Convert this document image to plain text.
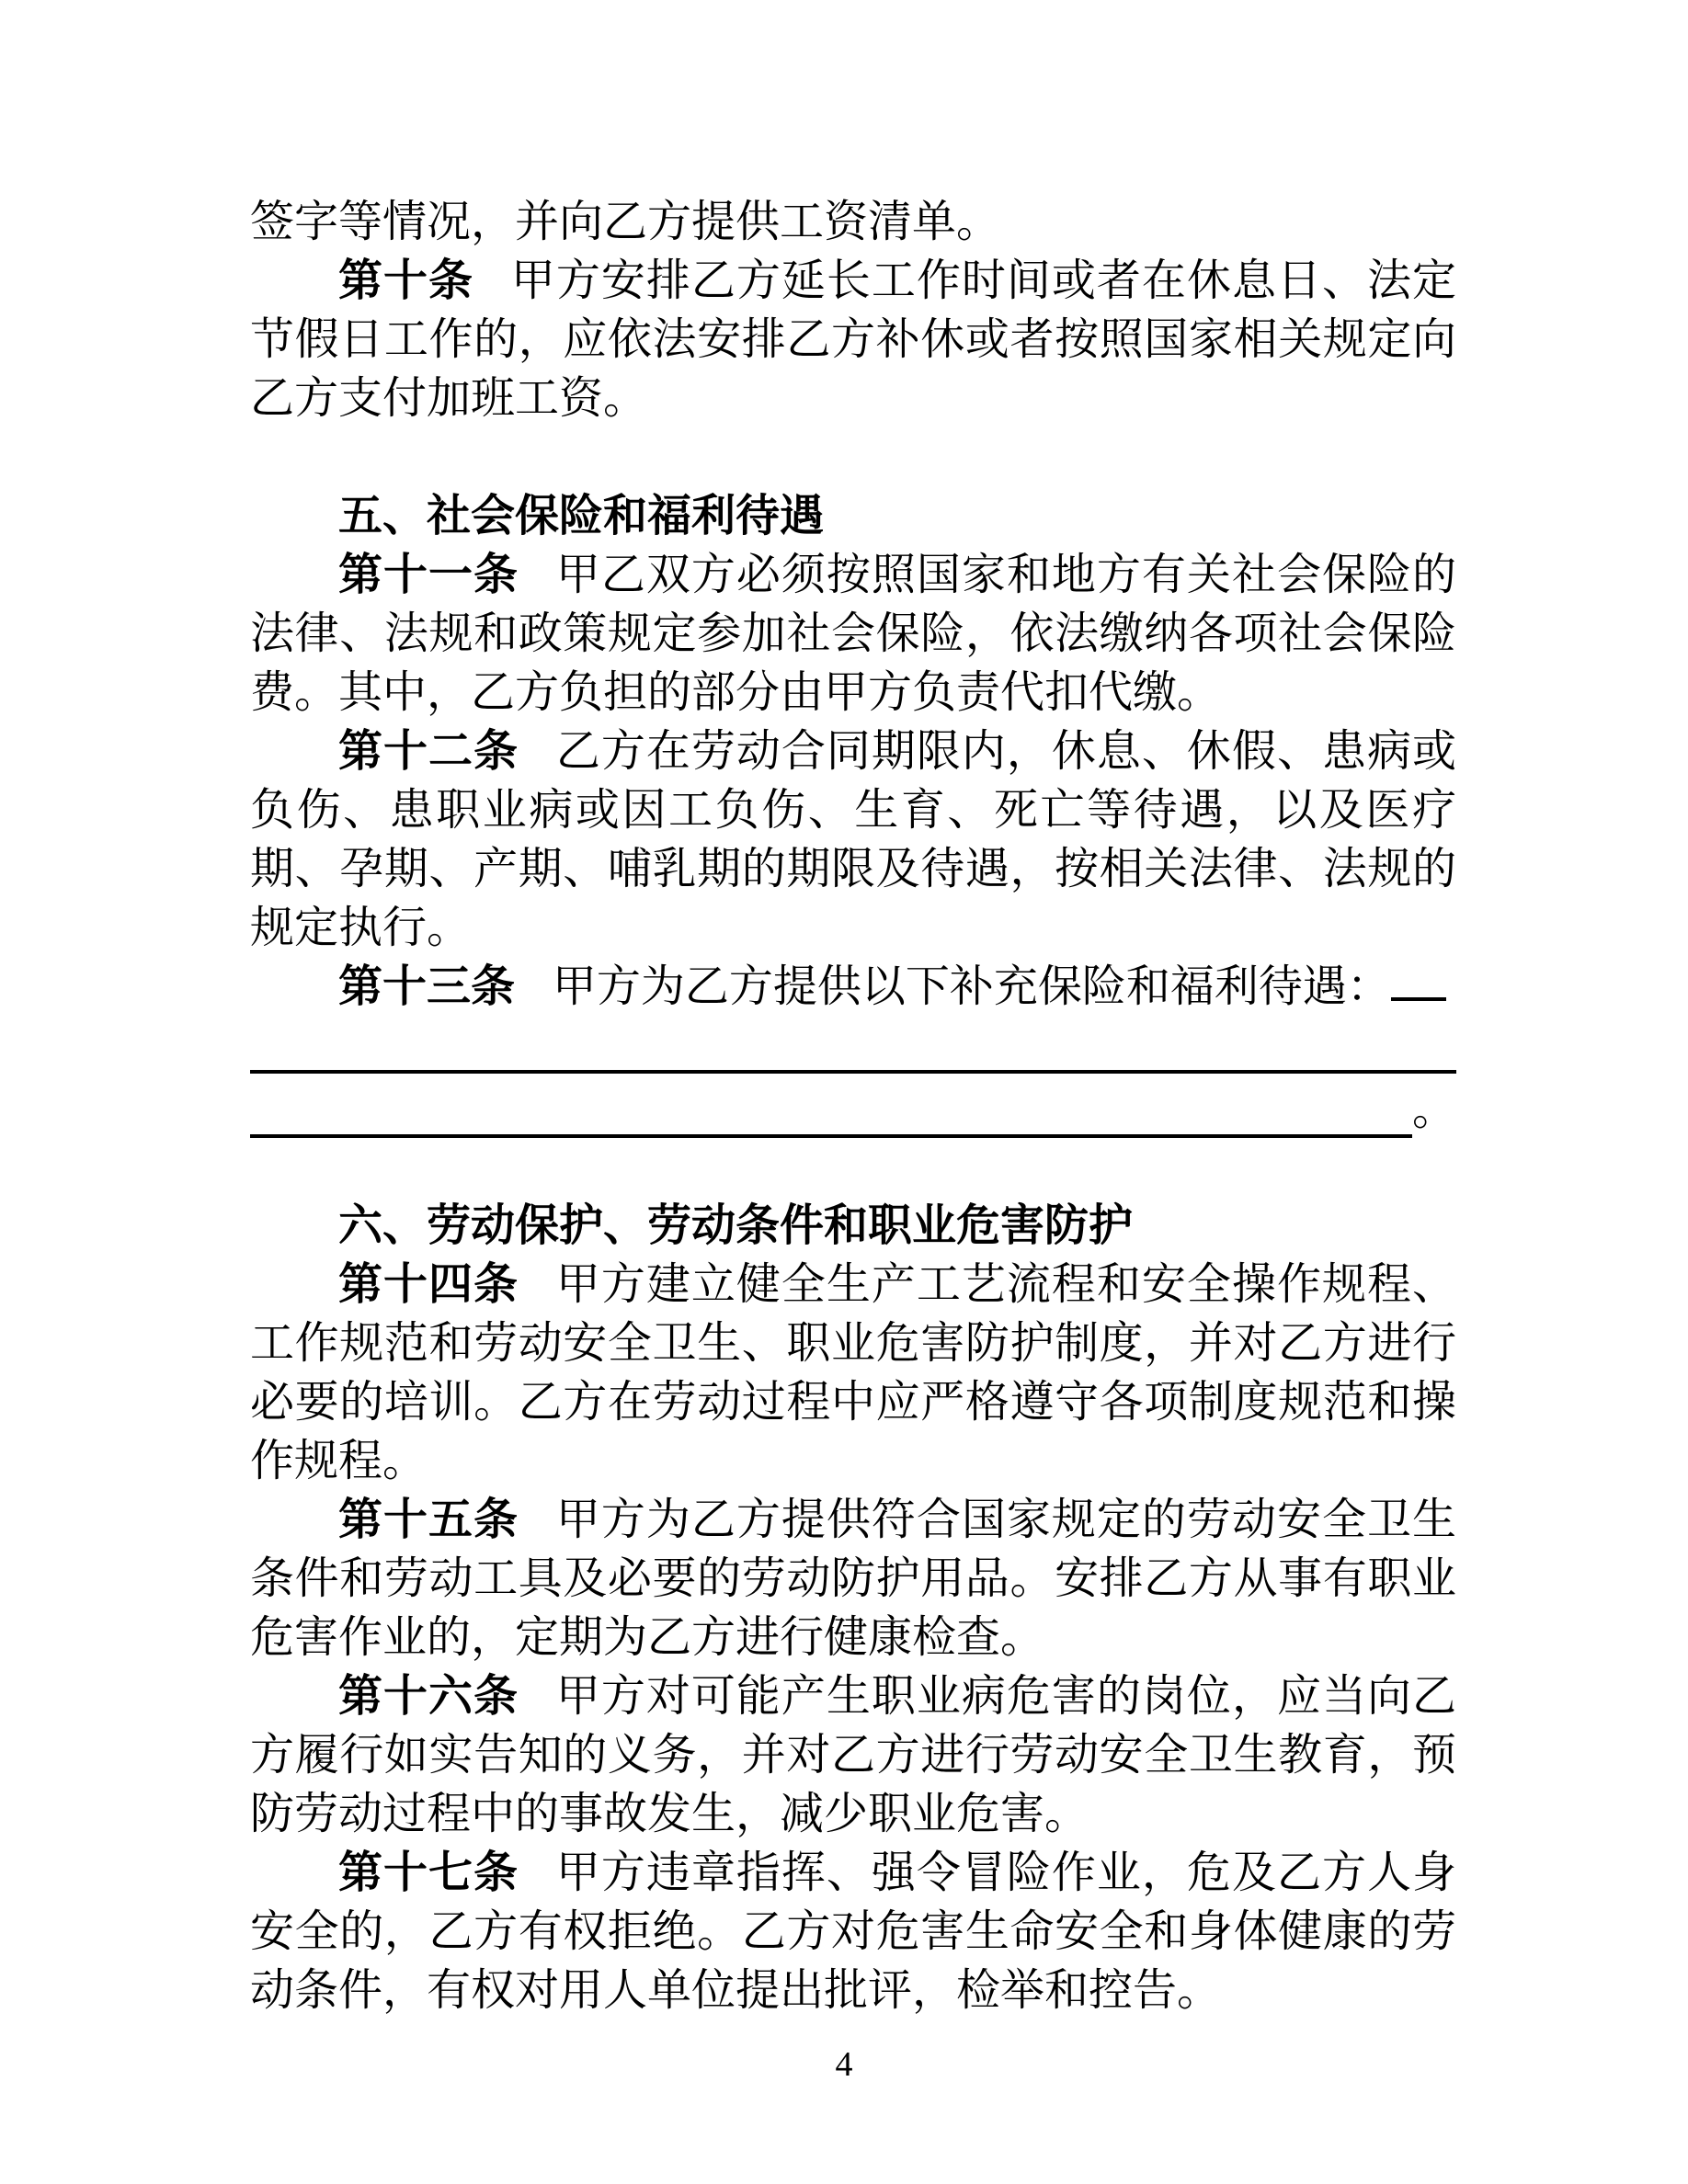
签字等情况，并向乙方提供工资清单。

第十条 甲方安排乙方延长工作时间或者在休息日、法定节假日工作的，应依法安排乙方补休或者按照国家相关规定向乙方支付加班工资。

五、社会保险和福利待遇

第十一条 甲乙双方必须按照国家和地方有关社会保险的法律、法规和政策规定参加社会保险，依法缴纳各项社会保险费。其中，乙方负担的部分由甲方负责代扣代缴。

第十二条 乙方在劳动合同期限内，休息、休假、患病或负伤、患职业病或因工负伤、生育、死亡等待遇，以及医疗期、孕期、产期、哺乳期的期限及待遇，按相关法律、法规的规定执行。

第十三条 甲方为乙方提供以下补充保险和福利待遇：

。
六、劳动保护、劳动条件和职业危害防护

第十四条 甲方建立健全生产工艺流程和安全操作规程、工作规范和劳动安全卫生、职业危害防护制度，并对乙方进行必要的培训。乙方在劳动过程中应严格遵守各项制度规范和操作规程。

第十五条 甲方为乙方提供符合国家规定的劳动安全卫生条件和劳动工具及必要的劳动防护用品。安排乙方从事有职业危害作业的，定期为乙方进行健康检查。

第十六条 甲方对可能产生职业病危害的岗位，应当向乙方履行如实告知的义务，并对乙方进行劳动安全卫生教育，预防劳动过程中的事故发生，减少职业危害。

第十七条 甲方违章指挥、强令冒险作业，危及乙方人身安全的，乙方有权拒绝。乙方对危害生命安全和身体健康的劳动条件，有权对用人单位提出批评，检举和控告。

4
